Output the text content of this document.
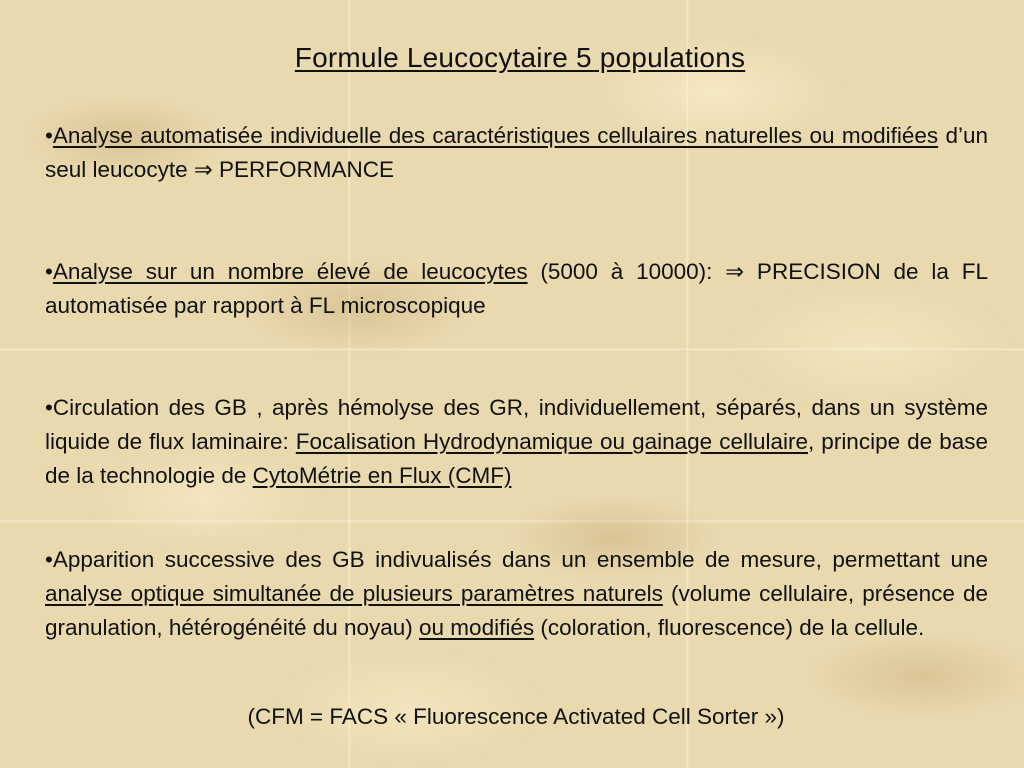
Formule Leucocytaire 5 populations
•Analyse automatisée individuelle des caractéristiques cellulaires naturelles ou modifiées d’un seul leucocyte ⇒ PERFORMANCE
•Analyse sur un nombre élevé de leucocytes (5000 à 10000): ⇒ PRECISION de la FL automatisée par rapport à FL microscopique
•Circulation des GB , après hémolyse des GR, individuellement, séparés, dans un système liquide de flux laminaire: Focalisation Hydrodynamique ou gainage cellulaire, principe de base de la technologie de CytoMétrie en Flux (CMF)
•Apparition successive des GB indivualisés dans un ensemble de mesure, permettant une analyse optique simultanée de plusieurs paramètres naturels (volume cellulaire, présence de granulation, hétérogénéité du noyau) ou modifiés (coloration, fluorescence) de la cellule.
(CFM = FACS « Fluorescence Activated Cell Sorter »)
